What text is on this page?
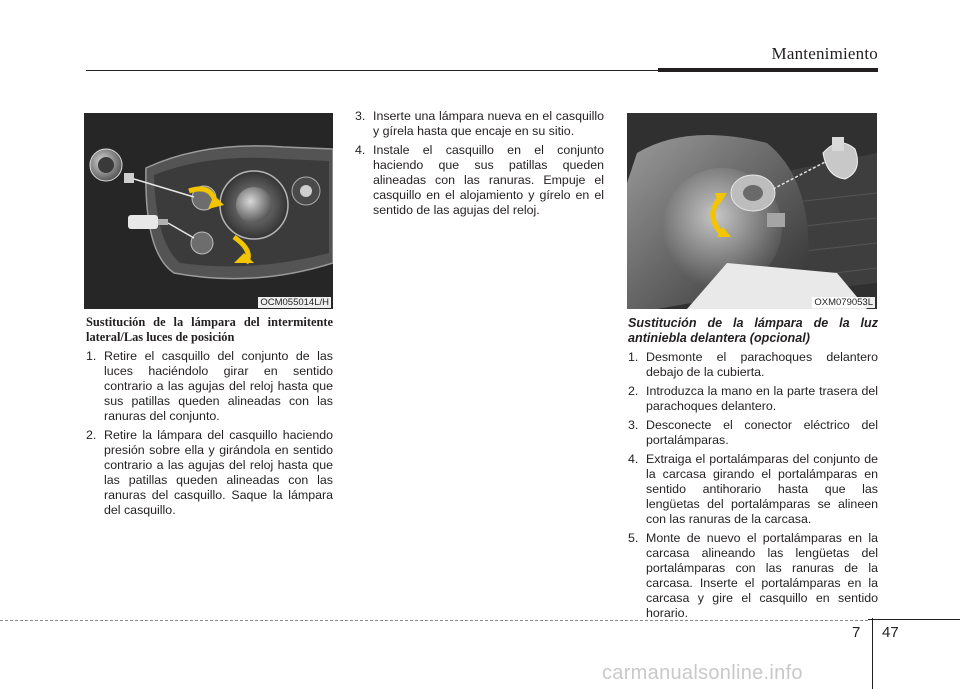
Mantenimiento
OCM055014L/H	OXM079053L
Sustitución de la lámpara del intermitente lateral/Las luces de posición
1. Retire el casquillo del conjunto de las luces haciéndolo girar en sentido contrario a las agujas del reloj hasta que sus patillas queden alineadas con las ranuras del conjunto.
2. Retire la lámpara del casquillo haciendo presión sobre ella y girándola en sentido contrario a las agujas del reloj hasta que las patillas queden alineadas con las ranuras del casquillo. Saque la lámpara del casquillo.
3. Inserte una lámpara nueva en el casquillo y gírela hasta que encaje en su sitio.
4. Instale el casquillo en el conjunto haciendo que sus patillas queden alineadas con las ranuras. Empuje el casquillo en el alojamiento y gírelo en el sentido de las agujas del reloj.
Sustitución de la lámpara de la luz antiniebla delantera (opcional)
1. Desmonte el parachoques delantero debajo de la cubierta.
2. Introduzca la mano en la parte trasera del parachoques delantero.
3. Desconecte el conector eléctrico del portalámparas.
4. Extraiga el portalámparas del conjunto de la carcasa girando el portalámparas en sentido antihorario hasta que las lengüetas del portalámparas se alineen con las ranuras de la carcasa.
5. Monte de nuevo el portalámparas en la carcasa alineando las lengüetas del portalámparas con las ranuras de la carcasa. Inserte el portalámparas en la carcasa y gire el casquillo en sentido horario.
7 47
carmanualsonline.info
